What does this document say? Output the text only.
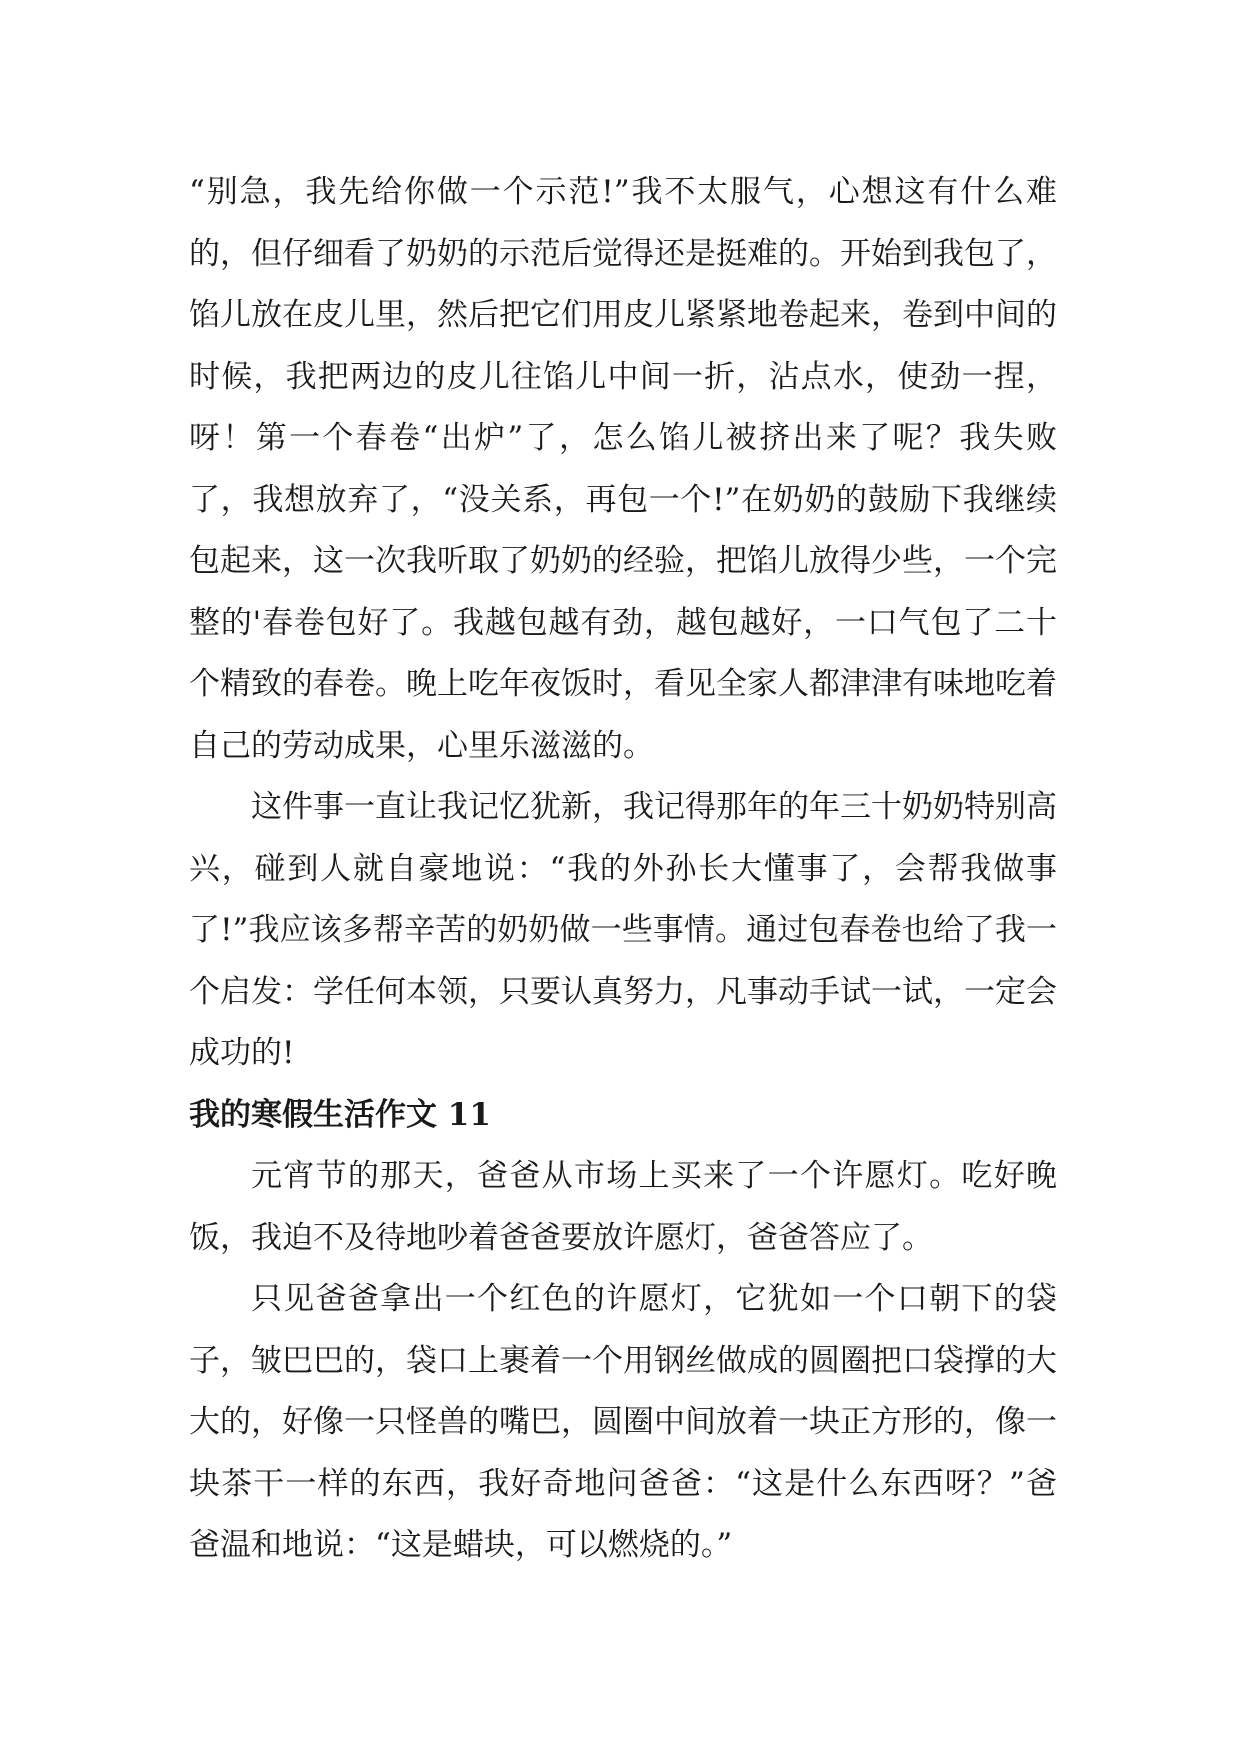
“别急，我先给你做一个示范!”我不太服气，心想这有什么难的，但仔细看了奶奶的示范后觉得还是挺难的。开始到我包了，馅儿放在皮儿里，然后把它们用皮儿紧紧地卷起来，卷到中间的时候，我把两边的皮儿往馅儿中间一折，沾点水，使劲一捏，呀！第一个春卷“出炉”了，怎么馅儿被挤出来了呢？我失败了，我想放弃了，“没关系，再包一个!”在奶奶的鼓励下我继续包起来，这一次我听取了奶奶的经验，把馅儿放得少些，一个完整的'春卷包好了。我越包越有劲，越包越好，一口气包了二十个精致的春卷。晚上吃年夜饭时，看见全家人都津津有味地吃着自己的劳动成果，心里乐滋滋的。

这件事一直让我记忆犹新，我记得那年的年三十奶奶特别高兴，碰到人就自豪地说：“我的外孙长大懂事了，会帮我做事了!”我应该多帮辛苦的奶奶做一些事情。通过包春卷也给了我一个启发：学任何本领，只要认真努力，凡事动手试一试，一定会成功的!

我的寒假生活作文 11

元宵节的那天，爸爸从市场上买来了一个许愿灯。吃好晚饭，我迫不及待地吵着爸爸要放许愿灯，爸爸答应了。

只见爸爸拿出一个红色的许愿灯，它犹如一个口朝下的袋子，皱巴巴的，袋口上裹着一个用钢丝做成的圆圈把口袋撑的大大的，好像一只怪兽的嘴巴，圆圈中间放着一块正方形的，像一块茶干一样的东西，我好奇地问爸爸：“这是什么东西呀？”爸爸温和地说：“这是蜡块，可以燃烧的。”
